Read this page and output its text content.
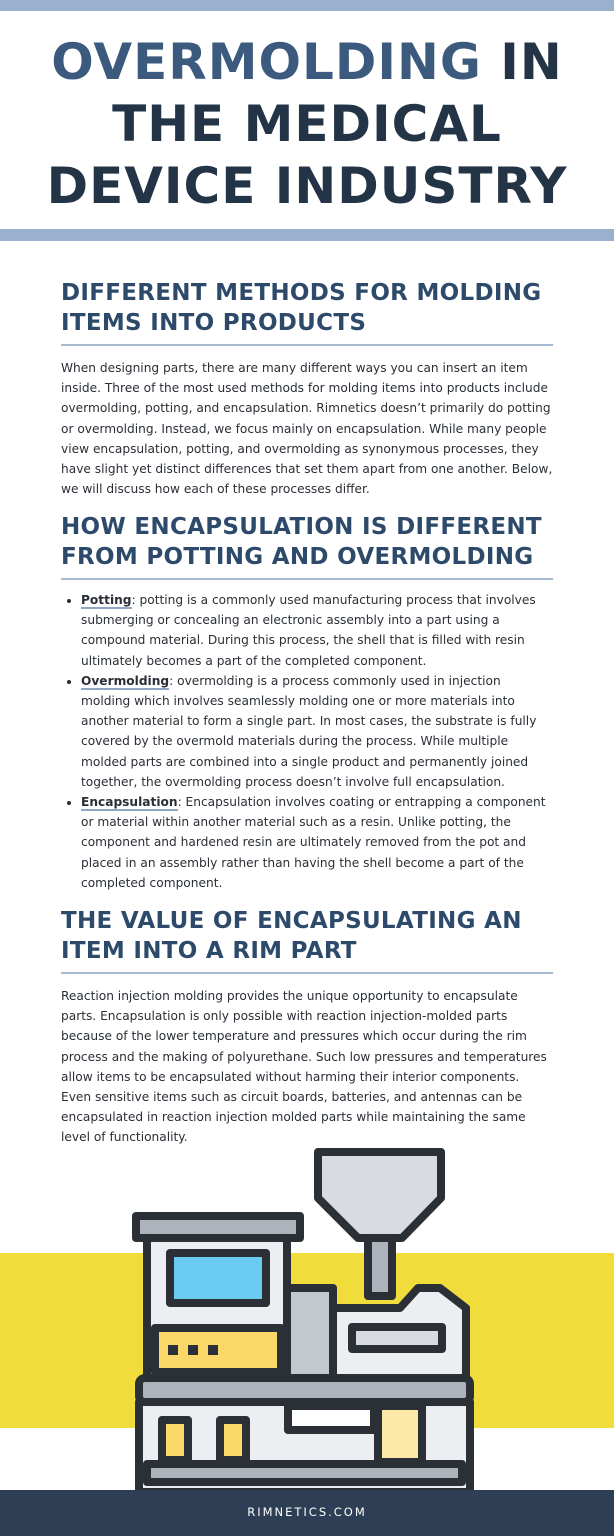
OVERMOLDING IN
THE MEDICAL
DEVICE INDUSTRY
DIFFERENT METHODS FOR MOLDING
ITEMS INTO PRODUCTS

When designing parts, there are many different ways you can insert an item inside. Three of the most used methods for molding items into products include overmolding, potting, and encapsulation. Rimnetics doesn’t primarily do potting or overmolding. Instead, we focus mainly on encapsulation. While many people view encapsulation, potting, and overmolding as synonymous processes, they have slight yet distinct differences that set them apart from one another. Below, we will discuss how each of these processes differ.

HOW ENCAPSULATION IS DIFFERENT
FROM POTTING AND OVERMOLDING
• Potting: potting is a commonly used manufacturing process that involves submerging or concealing an electronic assembly into a part using a compound material. During this process, the shell that is filled with resin ultimately becomes a part of the completed component.
• Overmolding: overmolding is a process commonly used in injection molding which involves seamlessly molding one or more materials into another material to form a single part. In most cases, the substrate is fully covered by the overmold materials during the process. While multiple molded parts are combined into a single product and permanently joined together, the overmolding process doesn’t involve full encapsulation.
• Encapsulation: Encapsulation involves coating or entrapping a component or material within another material such as a resin. Unlike potting, the component and hardened resin are ultimately removed from the pot and placed in an assembly rather than having the shell become a part of the completed component.
THE VALUE OF ENCAPSULATING AN
ITEM INTO A RIM PART

Reaction injection molding provides the unique opportunity to encapsulate parts. Encapsulation is only possible with reaction injection-molded parts because of the lower temperature and pressures which occur during the rim process and the making of polyurethane. Such low pressures and temperatures allow items to be encapsulated without harming their interior components. Even sensitive items such as circuit boards, batteries, and antennas can be encapsulated in reaction injection molded parts while maintaining the same level of functionality.

RIMNETICS.COM
